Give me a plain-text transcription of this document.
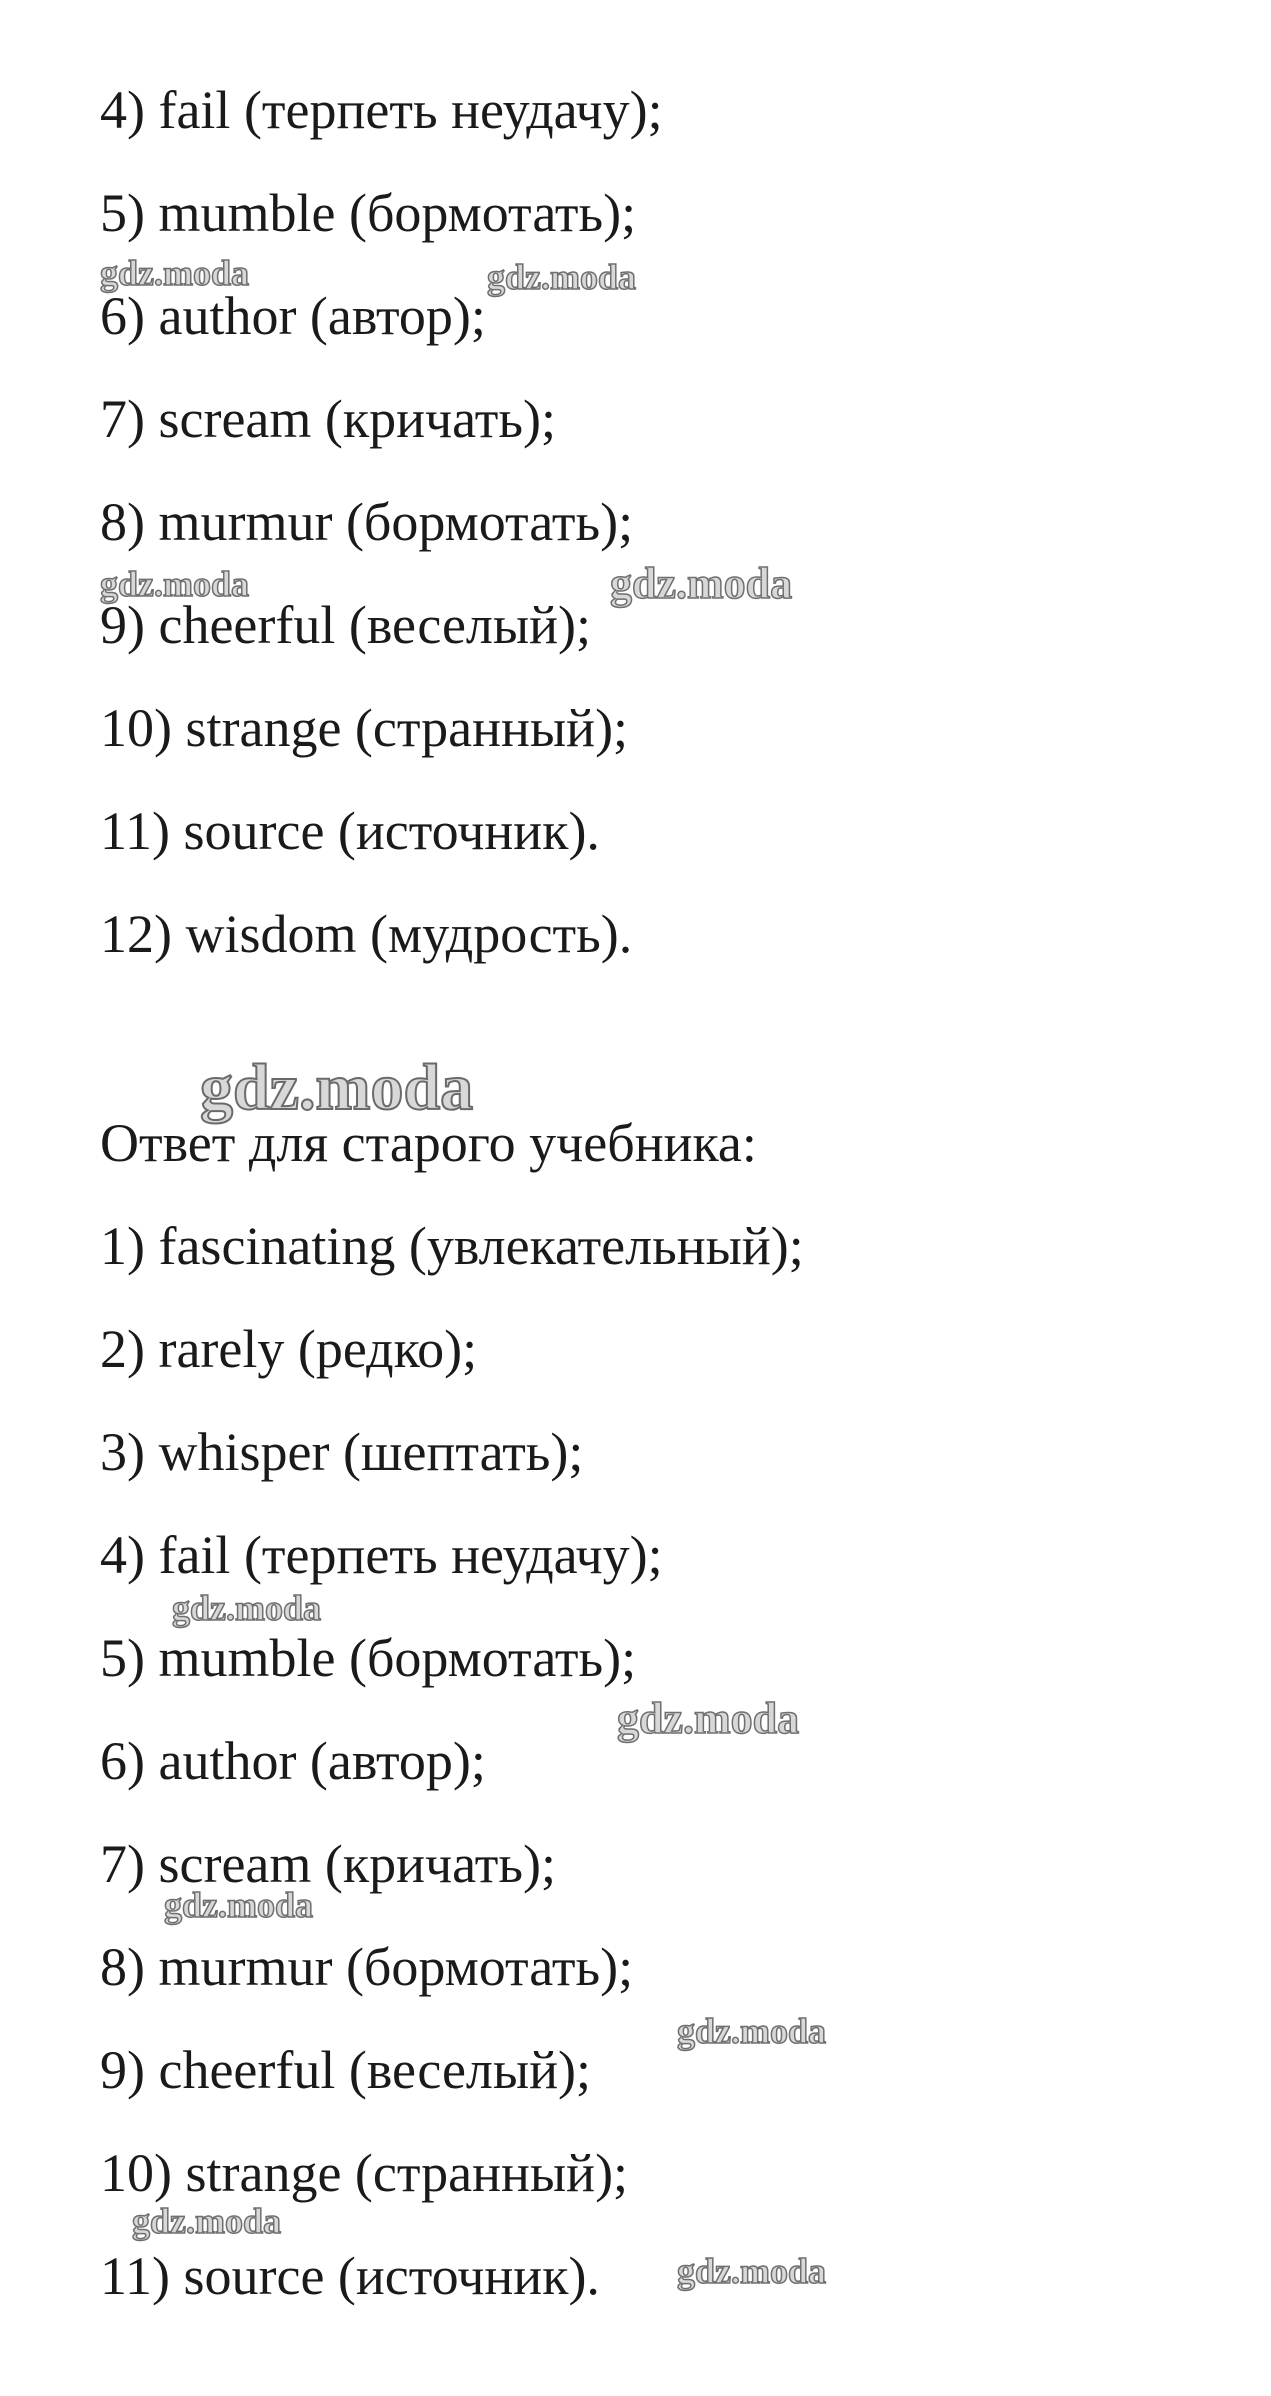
4) fail (терпеть неудачу);
5) mumble (бормотать);
6) author (автор);
7) scream (кричать);
8) murmur (бормотать);
9) cheerful (веселый);
10) strange (странный);
11) source (источник).
12) wisdom (мудрость).
Ответ для старого учебника:
1) fascinating (увлекательный);
2) rarely (редко);
3) whisper (шептать);
4) fail (терпеть неудачу);
5) mumble (бормотать);
6) author (автор);
7) scream (кричать);
8) murmur (бормотать);
9) cheerful (веселый);
10) strange (странный);
11) source (источник).
gdz.moda	gdz.moda
gdz.moda	gdz.moda
gdz.moda
gdz.moda
gdz.moda
gdz.moda
gdz.moda
gdz.moda
gdz.moda
